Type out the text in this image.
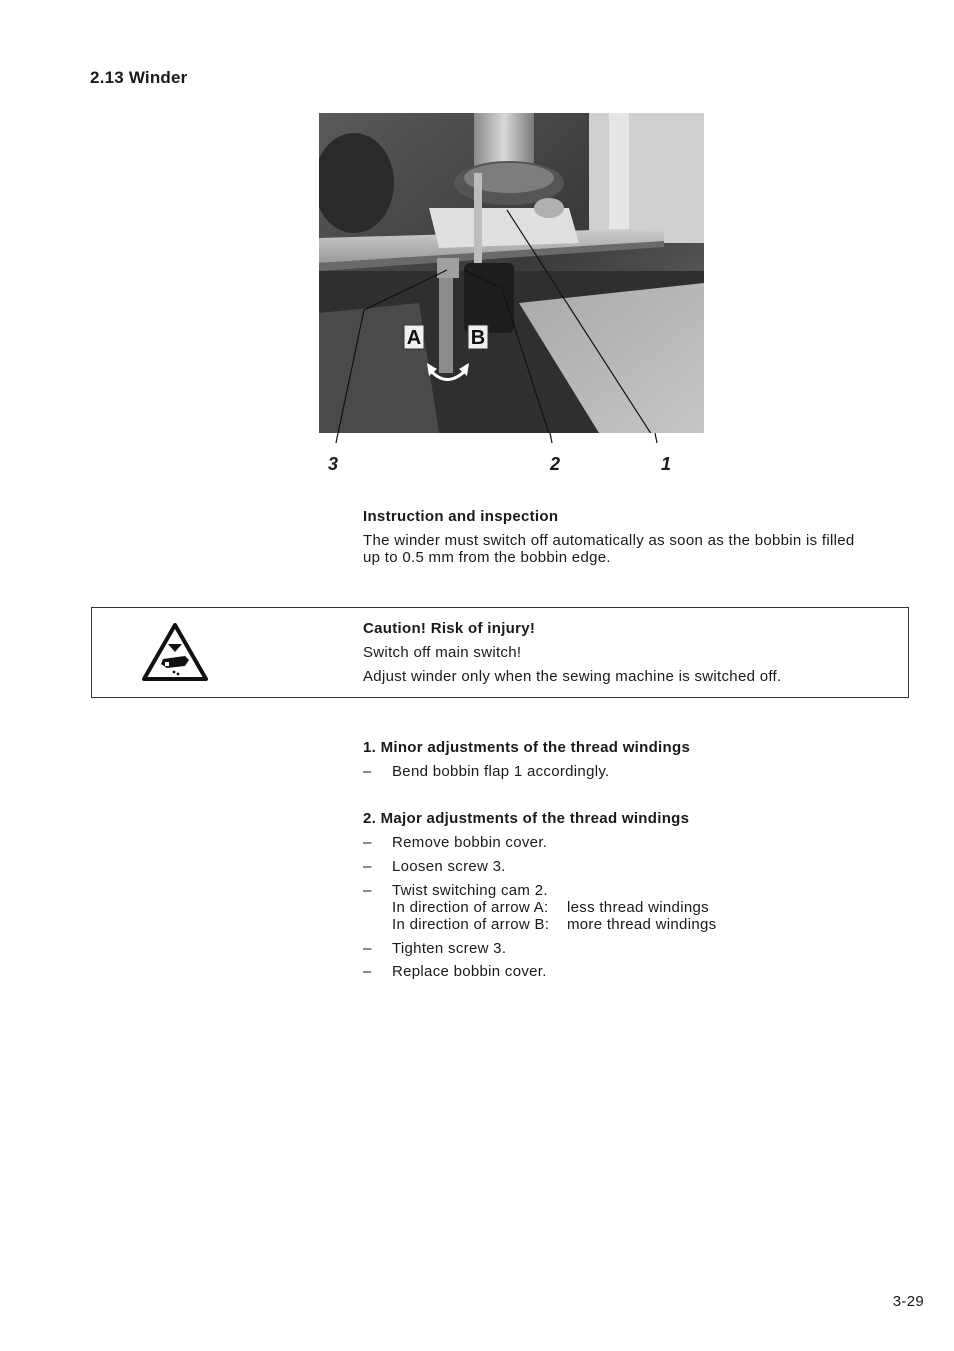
2.13 Winder
A B
3	2	1
Instruction and inspection
The winder must switch off automatically as soon as the bobbin is filled
up to 0.5 mm from the bobbin edge.
Caution! Risk of injury!
Switch off main switch!
Adjust winder only when the sewing machine is switched off.
1. Minor adjustments of the thread windings
– Bend bobbin flap 1 accordingly.
2. Major adjustments of the thread windings
– Remove bobbin cover.
– Loosen screw 3.
– Twist switching cam 2.
In direction of arrow A: less thread windings
In direction of arrow B: more thread windings
– Tighten screw 3.
– Replace bobbin cover.
3-29
